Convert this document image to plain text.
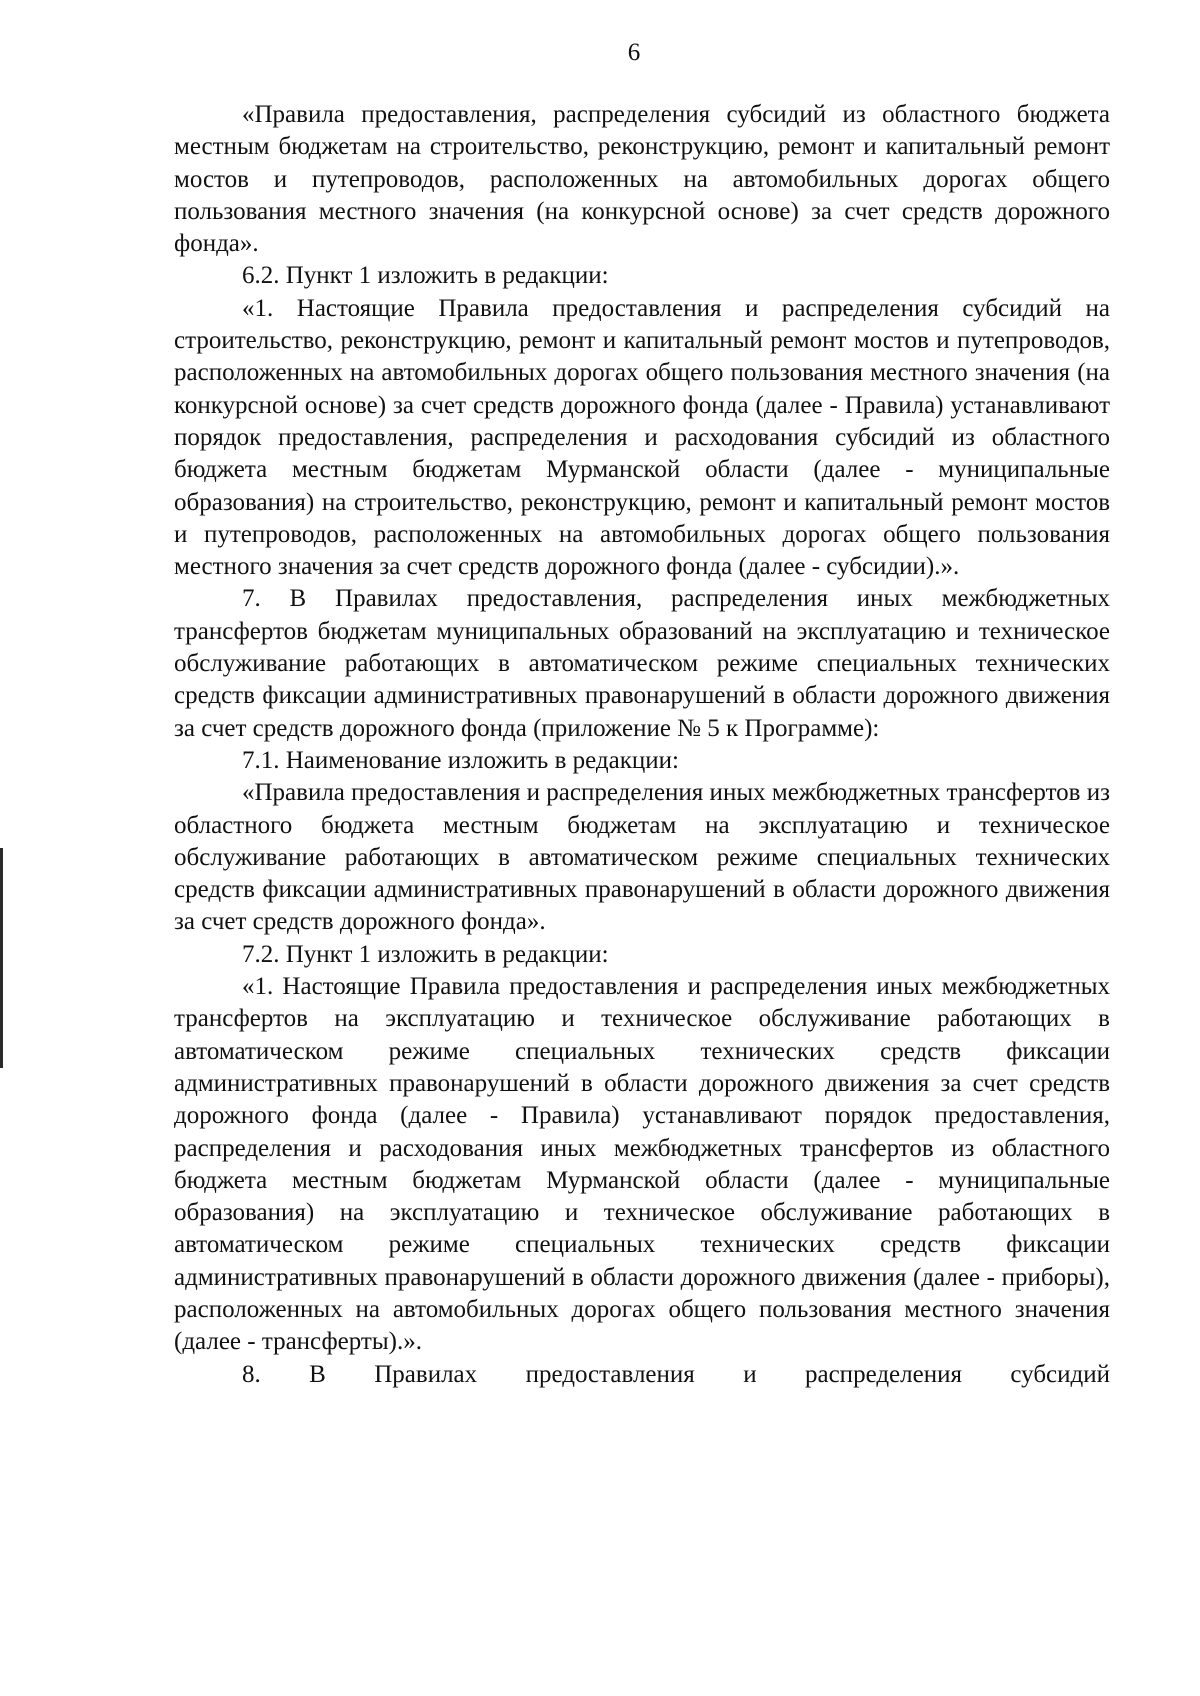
6

«Правила предоставления, распределения субсидий из областного бюджета местным бюджетам на строительство, реконструкцию, ремонт и капитальный ремонт мостов и путепроводов, расположенных на автомобильных дорогах общего пользования местного значения (на конкурсной основе) за счет средств дорожного фонда».

6.2. Пункт 1 изложить в редакции:

«1. Настоящие Правила предоставления и распределения субсидий на строительство, реконструкцию, ремонт и капитальный ремонт мостов и путепроводов, расположенных на автомобильных дорогах общего пользования местного значения (на конкурсной основе) за счет средств дорожного фонда (далее - Правила) устанавливают порядок предоставления, распределения и расходования субсидий из областного бюджета местным бюджетам Мурманской области (далее - муниципальные образования) на строительство, реконструкцию, ремонт и капитальный ремонт мостов и путепроводов, расположенных на автомобильных дорогах общего пользования местного значения за счет средств дорожного фонда (далее - субсидии).».

7. В Правилах предоставления, распределения иных межбюджетных трансфертов бюджетам муниципальных образований на эксплуатацию и техническое обслуживание работающих в автоматическом режиме специальных технических средств фиксации административных правонарушений в области дорожного движения за счет средств дорожного фонда (приложение № 5 к Программе):

7.1. Наименование изложить в редакции:

«Правила предоставления и распределения иных межбюджетных трансфертов из областного бюджета местным бюджетам на эксплуатацию и техническое обслуживание работающих в автоматическом режиме специальных технических средств фиксации административных правонарушений в области дорожного движения за счет средств дорожного фонда».

7.2. Пункт 1 изложить в редакции:

«1. Настоящие Правила предоставления и распределения иных межбюджетных трансфертов на эксплуатацию и техническое обслуживание работающих в автоматическом режиме специальных технических средств фиксации административных правонарушений в области дорожного движения за счет средств дорожного фонда (далее - Правила) устанавливают порядок предоставления, распределения и расходования иных межбюджетных трансфертов из областного бюджета местным бюджетам Мурманской области (далее - муниципальные образования) на эксплуатацию и техническое обслуживание работающих в автоматическом режиме специальных технических средств фиксации административных правонарушений в области дорожного движения (далее - приборы), расположенных на автомобильных дорогах общего пользования местного значения (далее - трансферты).».

8. В Правилах предоставления и распределения субсидий
